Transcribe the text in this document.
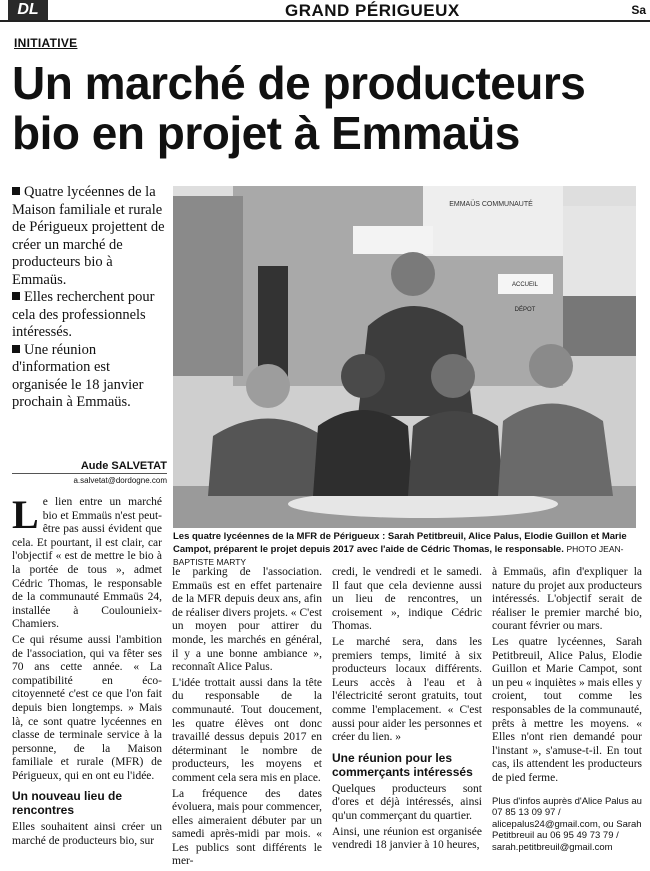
DL	GRAND PÉRIGUEUX	Sa
INITIATIVE
Un marché de producteurs
bio en projet à Emmaüs

Quatre lycéennes de la Maison familiale et rurale de Périgueux projettent de créer un marché de producteurs bio à Emmaüs.

Elles recherchent pour cela des professionnels intéressés.

Une réunion d'information est organisée le 18 janvier prochain à Emmaüs.

Aude SALVETAT
a.salvetat@dordogne.com
EMMAÜS COMMUNAUTÉ
ACCUEIL
DÉPOT
Les quatre lycéennes de la MFR de Périgueux : Sarah Petitbreuil, Alice Palus, Elodie Guillon et Marie Campot, préparent le projet depuis 2017 avec l'aide de Cédric Thomas, le responsable. PHOTO JEAN-BAPTISTE MARTY

Le lien entre un marché bio et Emmaüs n'est peut-être pas aussi évident que cela. Et pourtant, il est clair, car l'objectif « est de mettre le bio à la portée de tous », admet Cédric Thomas, le responsable de la communauté Emmaüs 24, installée à Coulounieix-Chamiers.

Ce qui résume aussi l'ambition de l'association, qui va fêter ses 70 ans cette année. « La compatibilité en éco-citoyenneté c'est ce que l'on fait depuis bien longtemps. » Mais là, ce sont quatre lycéennes en classe de terminale service à la personne, de la Maison familiale et rurale (MFR) de Périgueux, qui en ont eu l'idée.

Un nouveau lieu de rencontres

Elles souhaitent ainsi créer un marché de producteurs bio, sur

le parking de l'association. Emmaüs est en effet partenaire de la MFR depuis deux ans, afin de réaliser divers projets. « C'est un moyen pour attirer du monde, les marchés en général, il y a une bonne ambiance », reconnaît Alice Palus.

L'idée trottait aussi dans la tête du responsable de la communauté. Tout doucement, les quatre élèves ont donc travaillé dessus depuis 2017 en déterminant le nombre de producteurs, les moyens et comment cela sera mis en place.

La fréquence des dates évoluera, mais pour commencer, elles aimeraient débuter par un samedi après-midi par mois. « Les publics sont différents le mer-

credi, le vendredi et le samedi. Il faut que cela devienne aussi un lieu de rencontres, un croisement », indique Cédric Thomas.

Le marché sera, dans les premiers temps, limité à six producteurs locaux différents. Leurs accès à l'eau et à l'électricité seront gratuits, tout comme l'emplacement. « C'est aussi pour aider les personnes et créer du lien. »

Une réunion pour les commerçants intéressés

Quelques producteurs sont d'ores et déjà intéressés, ainsi qu'un commerçant du quartier.

Ainsi, une réunion est organisée vendredi 18 janvier à 10 heures,

à Emmaüs, afin d'expliquer la nature du projet aux producteurs intéressés. L'objectif serait de réaliser le premier marché bio, courant février ou mars.

Les quatre lycéennes, Sarah Petitbreuil, Alice Palus, Elodie Guillon et Marie Campot, sont un peu « inquiètes » mais elles y croient, tout comme les responsables de la communauté, prêts à mettre les moyens. « Elles n'ont rien demandé pour l'instant », s'amuse-t-il. En tout cas, ils attendent les producteurs de pied ferme.

Plus d'infos auprès d'Alice Palus au 07 85 13 09 97 / alicepalus24@gmail.com, ou Sarah Petitbreuil au 06 95 49 73 79 / sarah.petitbreuil@gmail.com
